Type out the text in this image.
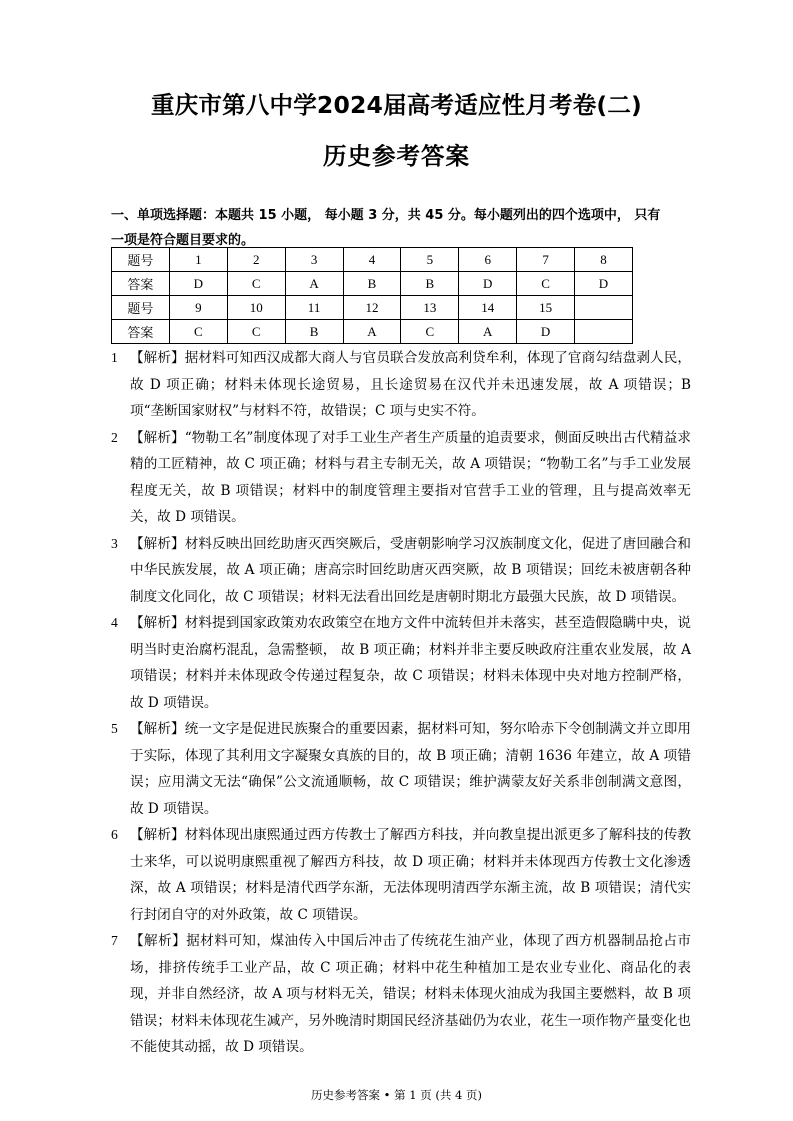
重庆市第八中学2024届高考适应性月考卷(二)
历史参考答案
一、单项选择题：本题共 15 小题， 每小题 3 分，共 45 分。每小题列出的四个选项中， 只有
一项是符合题目要求的。
题号	1	2	3	4	5	6	7	8
答案	D	C	A	B	B	D	C	D
题号	9	10	11	12	13	14	15	
答案	C	C	B	A	C	A	D	

1 【解析】据材料可知西汉成都大商人与官员联合发放高利贷牟利，体现了官商勾结盘剥人民，故 D 项正确；材料未体现长途贸易，且长途贸易在汉代并未迅速发展，故 A 项错误；B 项“垄断国家财权”与材料不符，故错误；C 项与史实不符。

2 【解析】“物勒工名”制度体现了对手工业生产者生产质量的追责要求，侧面反映出古代精益求精的工匠精神，故 C 项正确；材料与君主专制无关，故 A 项错误；“物勒工名”与手工业发展程度无关，故 B 项错误；材料中的制度管理主要指对官营手工业的管理，且与提高效率无关，故 D 项错误。

3 【解析】材料反映出回纥助唐灭西突厥后，受唐朝影响学习汉族制度文化，促进了唐回融合和中华民族发展，故 A 项正确；唐高宗时回纥助唐灭西突厥，故 B 项错误；回纥未被唐朝各种制度文化同化，故 C 项错误；材料无法看出回纥是唐朝时期北方最强大民族，故 D 项错误。

4 【解析】材料提到国家政策劝农政策空在地方文件中流转但并未落实，甚至造假隐瞒中央，说明当时吏治腐朽混乱，急需整顿， 故 B 项正确；材料并非主要反映政府注重农业发展，故 A 项错误；材料并未体现政令传递过程复杂，故 C 项错误；材料未体现中央对地方控制严格，故 D 项错误。

5 【解析】统一文字是促进民族聚合的重要因素，据材料可知，努尔哈赤下令创制满文并立即用于实际，体现了其利用文字凝聚女真族的目的，故 B 项正确；清朝 1636 年建立，故 A 项错误；应用满文无法“确保”公文流通顺畅，故 C 项错误；维护满蒙友好关系非创制满文意图，故 D 项错误。

6 【解析】材料体现出康熙通过西方传教士了解西方科技，并向教皇提出派更多了解科技的传教士来华，可以说明康熙重视了解西方科技，故 D 项正确；材料并未体现西方传教士文化渗透深，故 A 项错误；材料是清代西学东渐，无法体现明清西学东渐主流，故 B 项错误；清代实行封闭自守的对外政策，故 C 项错误。

7 【解析】据材料可知，煤油传入中国后冲击了传统花生油产业，体现了西方机器制品抢占市场，排挤传统手工业产品，故 C 项正确；材料中花生种植加工是农业专业化、商品化的表现，并非自然经济，故 A 项与材料无关，错误；材料未体现火油成为我国主要燃料，故 B 项错误；材料未体现花生减产，另外晚清时期国民经济基础仍为农业，花生一项作物产量变化也不能使其动摇，故 D 项错误。

历史参考答案 • 第 1 页 (共 4 页)
